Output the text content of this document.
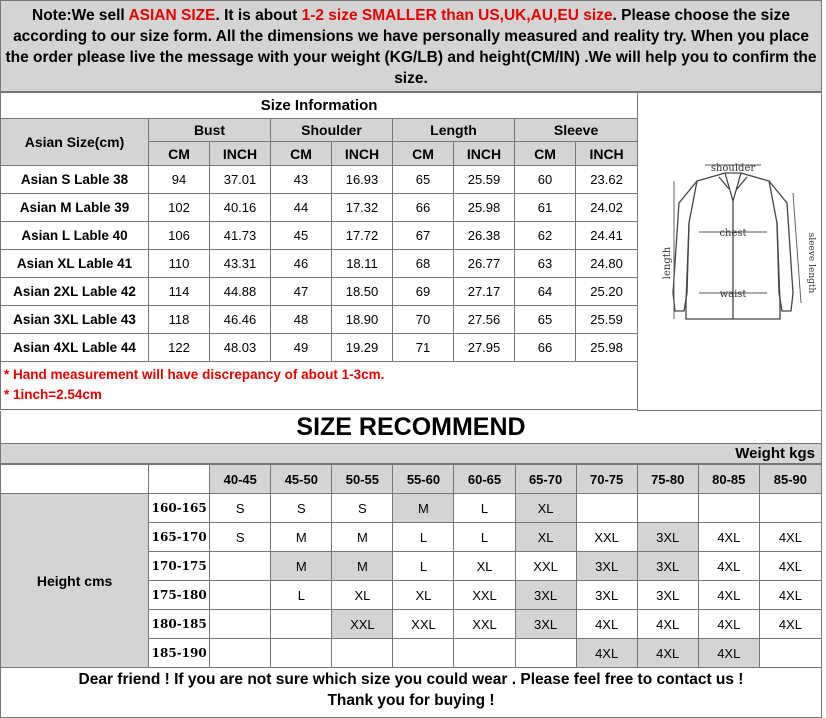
Note:We sell ASIAN SIZE. It is about 1-2 size SMALLER than US,UK,AU,EU size. Please choose the size according to our size form. All the dimensions we have personally measured and reality try. When you place the order please live the message with your weight (KG/LB) and height(CM/IN) .We will help you to confirm the size.
Size Information								
Asian Size(cm)	Bust		Shoulder		Length		Sleeve	
	CM	INCH	CM	INCH	CM	INCH	CM	INCH
Asian S Lable 38	94	37.01	43	16.93	65	25.59	60	23.62
Asian M Lable 39	102	40.16	44	17.32	66	25.98	61	24.02
Asian L Lable 40	106	41.73	45	17.72	67	26.38	62	24.41
Asian XL Lable 41	110	43.31	46	18.11	68	26.77	63	24.80
Asian 2XL Lable 42	114	44.88	47	18.50	69	27.17	64	25.20
Asian 3XL Lable 43	118	46.46	48	18.90	70	27.56	65	25.59
Asian 4XL Lable 44	122	48.03	49	19.29	71	27.95	66	25.98

* Hand measurement will have discrepancy of about 1-3cm.
* 1inch=2.54cm								
shoulder
chest
waist
length	sleeve length
SIZE RECOMMEND
Weight kgs
		40-45	45-50	50-55	55-60	60-65	65-70	70-75	75-80	80-85	85-90
Height cms	160-165	S	S	S	M	L	XL				
	165-170	S	M	M	L	L	XL	XXL	3XL	4XL	4XL
	170-175		M	M	L	XL	XXL	3XL	3XL	4XL	4XL
	175-180		L	XL	XL	XXL	3XL	3XL	3XL	4XL	4XL
	180-185			XXL	XXL	XXL	3XL	4XL	4XL	4XL	4XL
	185-190							4XL	4XL	4XL	
Dear friend ! If you are not sure which size you could wear . Please feel free to contact us !
Thank you for buying !
